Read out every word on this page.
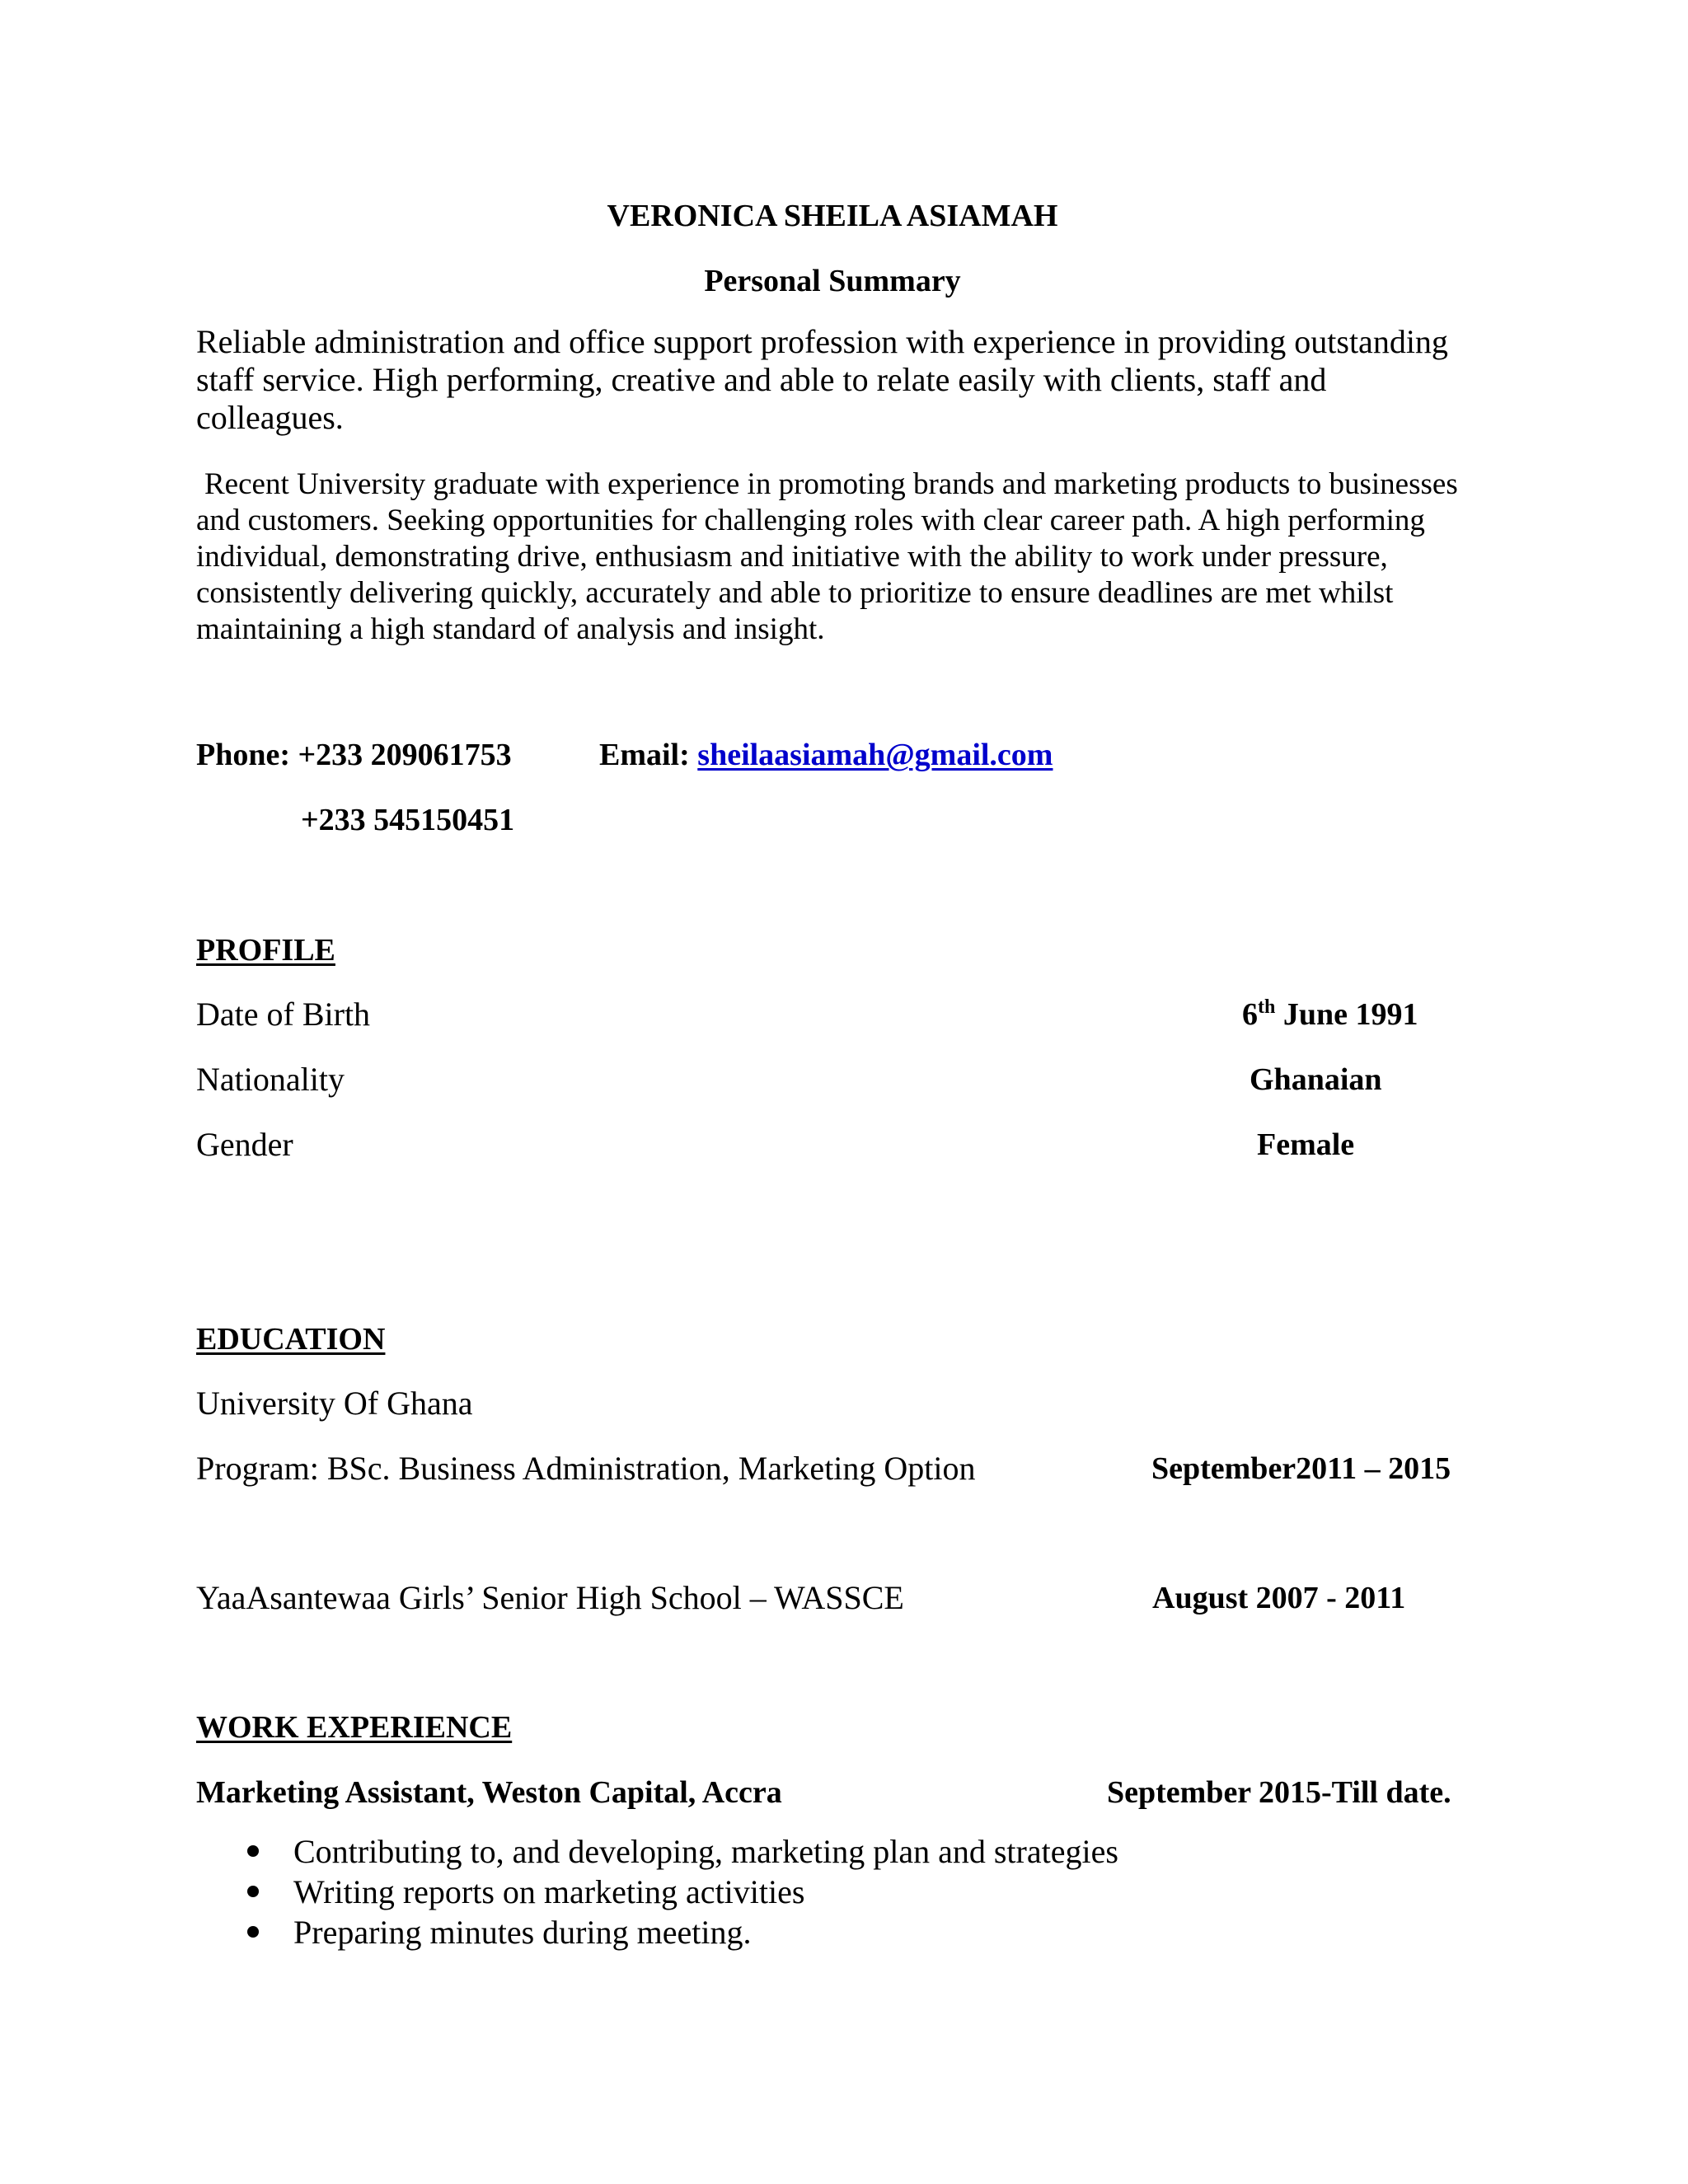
VERONICA SHEILA ASIAMAH
Personal Summary
Reliable administration and office support profession with experience in providing outstanding staff service. High performing, creative and able to relate easily with clients, staff and colleagues.
Recent University graduate with experience in promoting brands and marketing products to businesses and customers. Seeking opportunities for challenging roles with clear career path. A high performing individual, demonstrating drive, enthusiasm and initiative with the ability to work under pressure, consistently delivering quickly, accurately and able to prioritize to ensure deadlines are met whilst maintaining a high standard of analysis and insight.
Phone: +233 209061753	Email: sheilaasiamah@gmail.com
+233 545150451
PROFILE
Date of Birth	6th June 1991
Nationality	Ghanaian
Gender	Female
EDUCATION
University Of Ghana
Program: BSc. Business Administration, Marketing Option	September2011 – 2015
YaaAsantewaa Girls’ Senior High School – WASSCE	August 2007 - 2011
WORK EXPERIENCE
Marketing Assistant, Weston Capital, Accra	September 2015-Till date.
Contributing to, and developing, marketing plan and strategies
Writing reports on marketing activities
Preparing minutes during meeting.
